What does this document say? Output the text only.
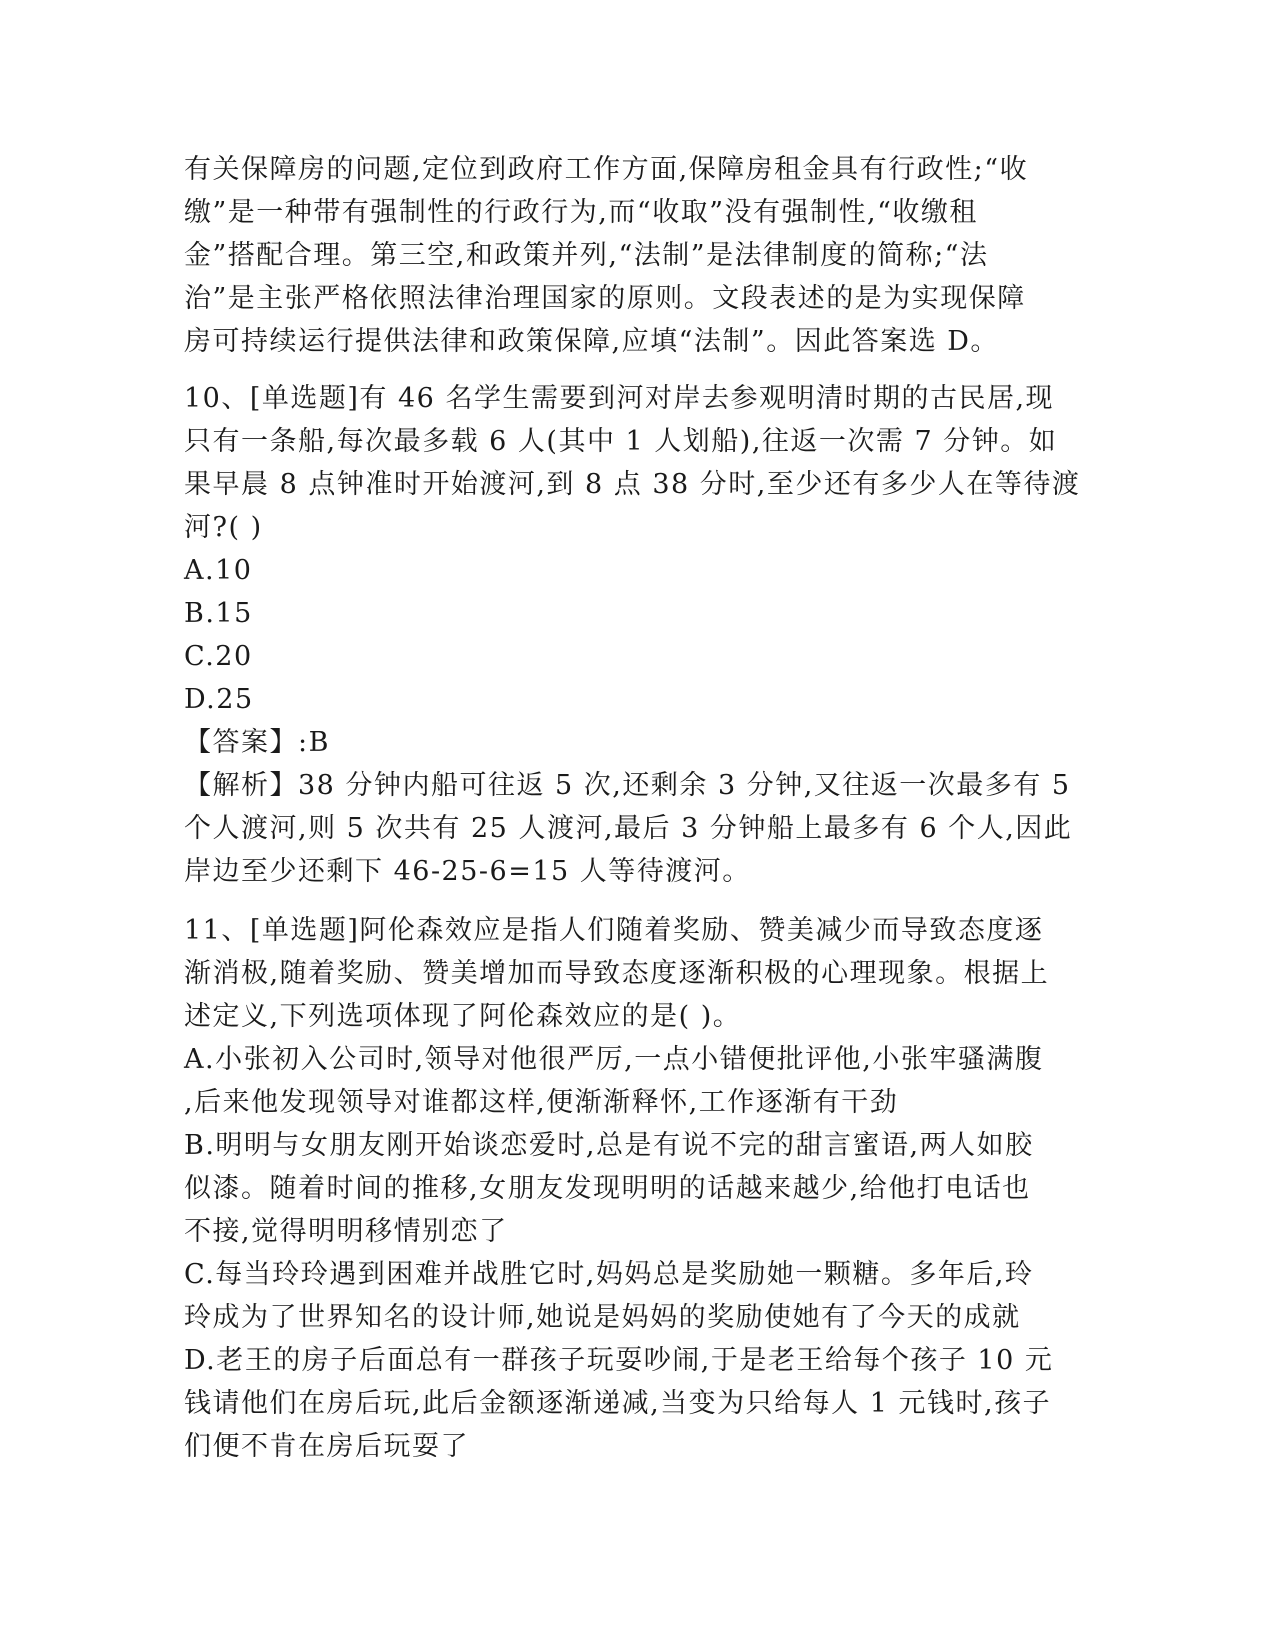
有关保障房的问题,定位到政府工作方面,保障房租金具有行政性;“收
缴”是一种带有强制性的行政行为,而“收取”没有强制性,“收缴租
金”搭配合理。第三空,和政策并列,“法制”是法律制度的简称;“法
治”是主张严格依照法律治理国家的原则。文段表述的是为实现保障
房可持续运行提供法律和政策保障,应填“法制”。因此答案选 D。
10、[单选题]有 46 名学生需要到河对岸去参观明清时期的古民居,现
只有一条船,每次最多载 6 人(其中 1 人划船),往返一次需 7 分钟。如
果早晨 8 点钟准时开始渡河,到 8 点 38 分时,至少还有多少人在等待渡
河?( )
A.10
B.15
C.20
D.25
【答案】:B
【解析】38 分钟内船可往返 5 次,还剩余 3 分钟,又往返一次最多有 5
个人渡河,则 5 次共有 25 人渡河,最后 3 分钟船上最多有 6 个人,因此
岸边至少还剩下 46-25-6=15 人等待渡河。
11、[单选题]阿伦森效应是指人们随着奖励、赞美减少而导致态度逐
渐消极,随着奖励、赞美增加而导致态度逐渐积极的心理现象。根据上
述定义,下列选项体现了阿伦森效应的是( )。
A.小张初入公司时,领导对他很严厉,一点小错便批评他,小张牢骚满腹
,后来他发现领导对谁都这样,便渐渐释怀,工作逐渐有干劲
B.明明与女朋友刚开始谈恋爱时,总是有说不完的甜言蜜语,两人如胶
似漆。随着时间的推移,女朋友发现明明的话越来越少,给他打电话也
不接,觉得明明移情别恋了
C.每当玲玲遇到困难并战胜它时,妈妈总是奖励她一颗糖。多年后,玲
玲成为了世界知名的设计师,她说是妈妈的奖励使她有了今天的成就
D.老王的房子后面总有一群孩子玩耍吵闹,于是老王给每个孩子 10 元
钱请他们在房后玩,此后金额逐渐递减,当变为只给每人 1 元钱时,孩子
们便不肯在房后玩耍了
